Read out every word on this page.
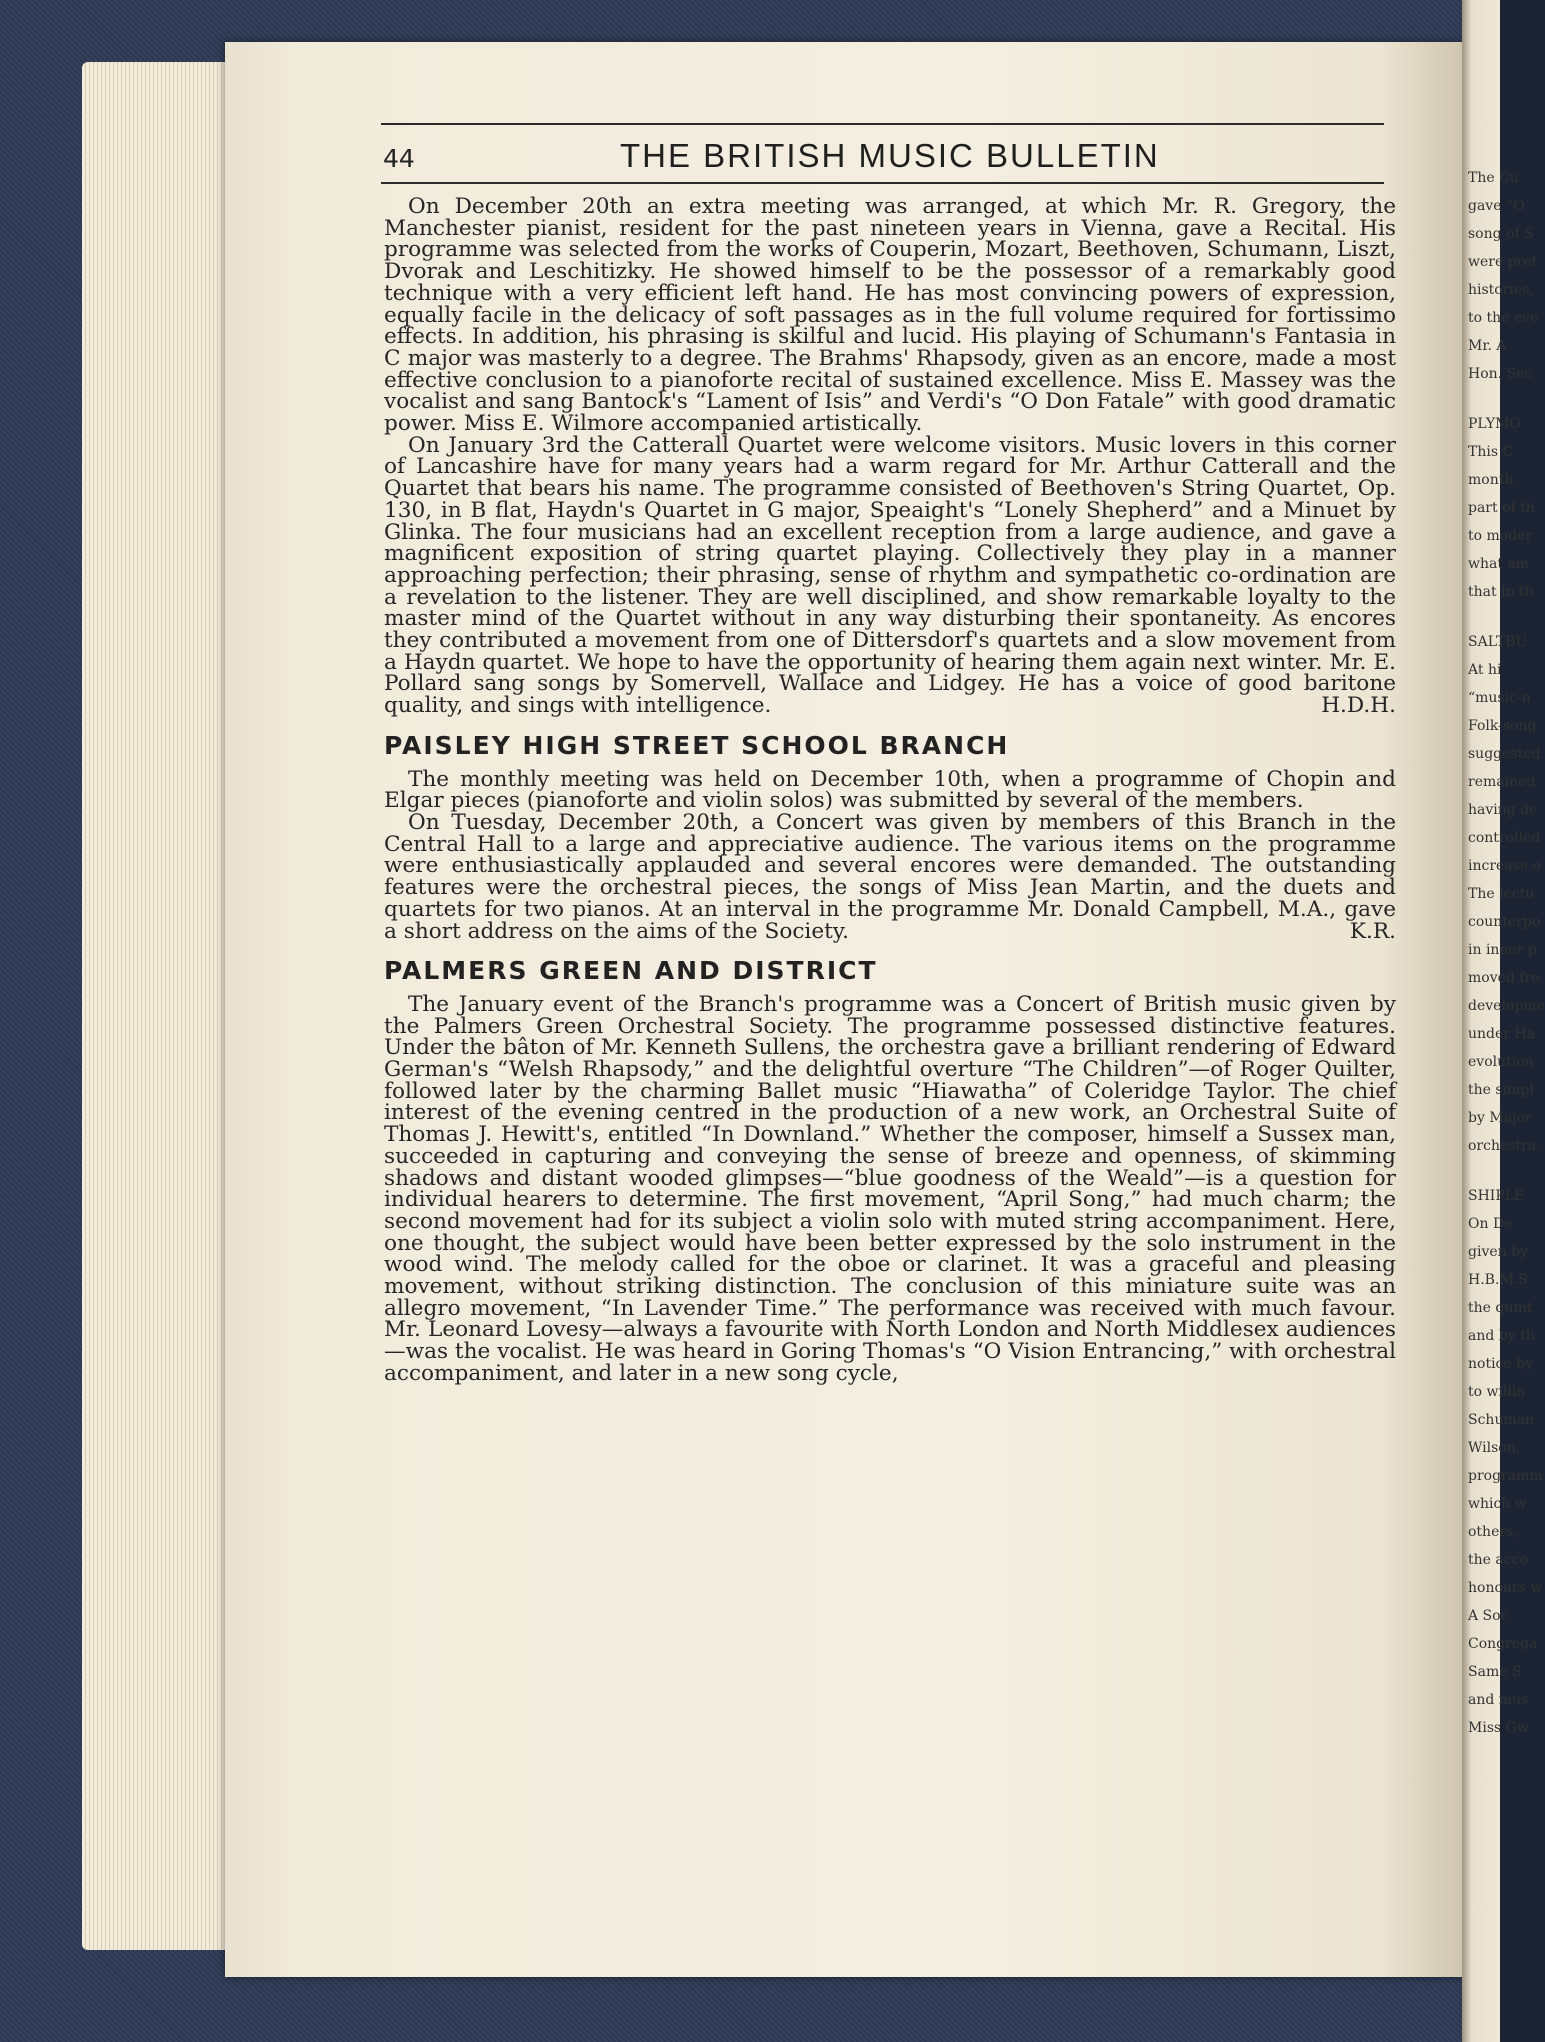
The Cu
gave “O
song of S
were pref
histories,
to the eve
Mr. A
Hon. Sec
PLYMO
This C
month.
part of th
to moder
what am
that in th
SALTBU
At hi
“music-n
Folk-song
suggested
remained
having de
controlled
increase o
The lectu
counterpo
in inner p
moved fro
developme
under Ha
evolution
the simpl
by Major
orchestra.
SHIPLE
On De
given by
H.B.M.S
the quint
and by th
notice by
to willin
Schuman
Wilson,
programm
which w
others,
the acco
honours w
A Soc
Congrega
Same S
and mus
Miss Gw
44	THE BRITISH MUSIC BULLETIN

On December 20th an extra meeting was arranged, at which Mr. R. Gregory, the Manchester pianist, resident for the past nineteen years in Vienna, gave a Recital. His programme was selected from the works of Couperin, Mozart, Beethoven, Schumann, Liszt, Dvorak and Leschitizky. He showed himself to be the possessor of a remarkably good technique with a very efficient left hand. He has most convincing powers of expression, equally facile in the delicacy of soft passages as in the full volume required for fortissimo effects. In addition, his phrasing is skilful and lucid. His playing of Schumann's Fantasia in C major was masterly to a degree. The Brahms' Rhapsody, given as an encore, made a most effective conclusion to a pianoforte recital of sustained excellence. Miss E. Massey was the vocalist and sang Bantock's “Lament of Isis” and Verdi's “O Don Fatale” with good dramatic power. Miss E. Wilmore accompanied artistically.

On January 3rd the Catterall Quartet were welcome visitors. Music lovers in this corner of Lancashire have for many years had a warm regard for Mr. Arthur Catterall and the Quartet that bears his name. The programme consisted of Beethoven's String Quartet, Op. 130, in B flat, Haydn's Quartet in G major, Speaight's “Lonely Shepherd” and a Minuet by Glinka. The four musicians had an excellent reception from a large audience, and gave a magnificent exposition of string quartet playing. Collectively they play in a manner approaching perfection; their phrasing, sense of rhythm and sympathetic co-ordination are a revelation to the listener. They are well disciplined, and show remarkable loyalty to the master mind of the Quartet without in any way disturbing their spontaneity. As encores they contributed a movement from one of Dittersdorf's quartets and a slow movement from a Haydn quartet. We hope to have the opportunity of hearing them again next winter. Mr. E. Pollard sang songs by Somervell, Wallace and Lidgey. He has a voice of good baritone quality, and sings with intelligence.	H.D.H.

PAISLEY HIGH STREET SCHOOL BRANCH

The monthly meeting was held on December 10th, when a programme of Chopin and Elgar pieces (pianoforte and violin solos) was submitted by several of the members.

On Tuesday, December 20th, a Concert was given by members of this Branch in the Central Hall to a large and appreciative audience. The various items on the programme were enthusiastically applauded and several encores were demanded. The outstanding features were the orchestral pieces, the songs of Miss Jean Martin, and the duets and quartets for two pianos. At an interval in the programme Mr. Donald Campbell, M.A., gave a short address on the aims of the Society.	K.R.

PALMERS GREEN AND DISTRICT

The January event of the Branch's programme was a Concert of British music given by the Palmers Green Orchestral Society. The programme possessed distinctive features. Under the bâton of Mr. Kenneth Sullens, the orchestra gave a brilliant rendering of Edward German's “Welsh Rhapsody,” and the delightful overture “The Children”—of Roger Quilter, followed later by the charming Ballet music “Hiawatha” of Coleridge Taylor. The chief interest of the evening centred in the production of a new work, an Orchestral Suite of Thomas J. Hewitt's, entitled “In Downland.” Whether the composer, himself a Sussex man, succeeded in capturing and conveying the sense of breeze and openness, of skimming shadows and distant wooded glimpses—“blue goodness of the Weald”—is a question for individual hearers to determine. The first movement, “April Song,” had much charm; the second movement had for its subject a violin solo with muted string accompaniment. Here, one thought, the subject would have been better expressed by the solo instrument in the wood wind. The melody called for the oboe or clarinet. It was a graceful and pleasing movement, without striking distinction. The conclusion of this miniature suite was an allegro movement, “In Lavender Time.” The performance was received with much favour. Mr. Leonard Lovesy—always a favourite with North London and North Middlesex audiences—was the vocalist. He was heard in Goring Thomas's “O Vision Entrancing,” with orchestral accompaniment, and later in a new song cycle,
